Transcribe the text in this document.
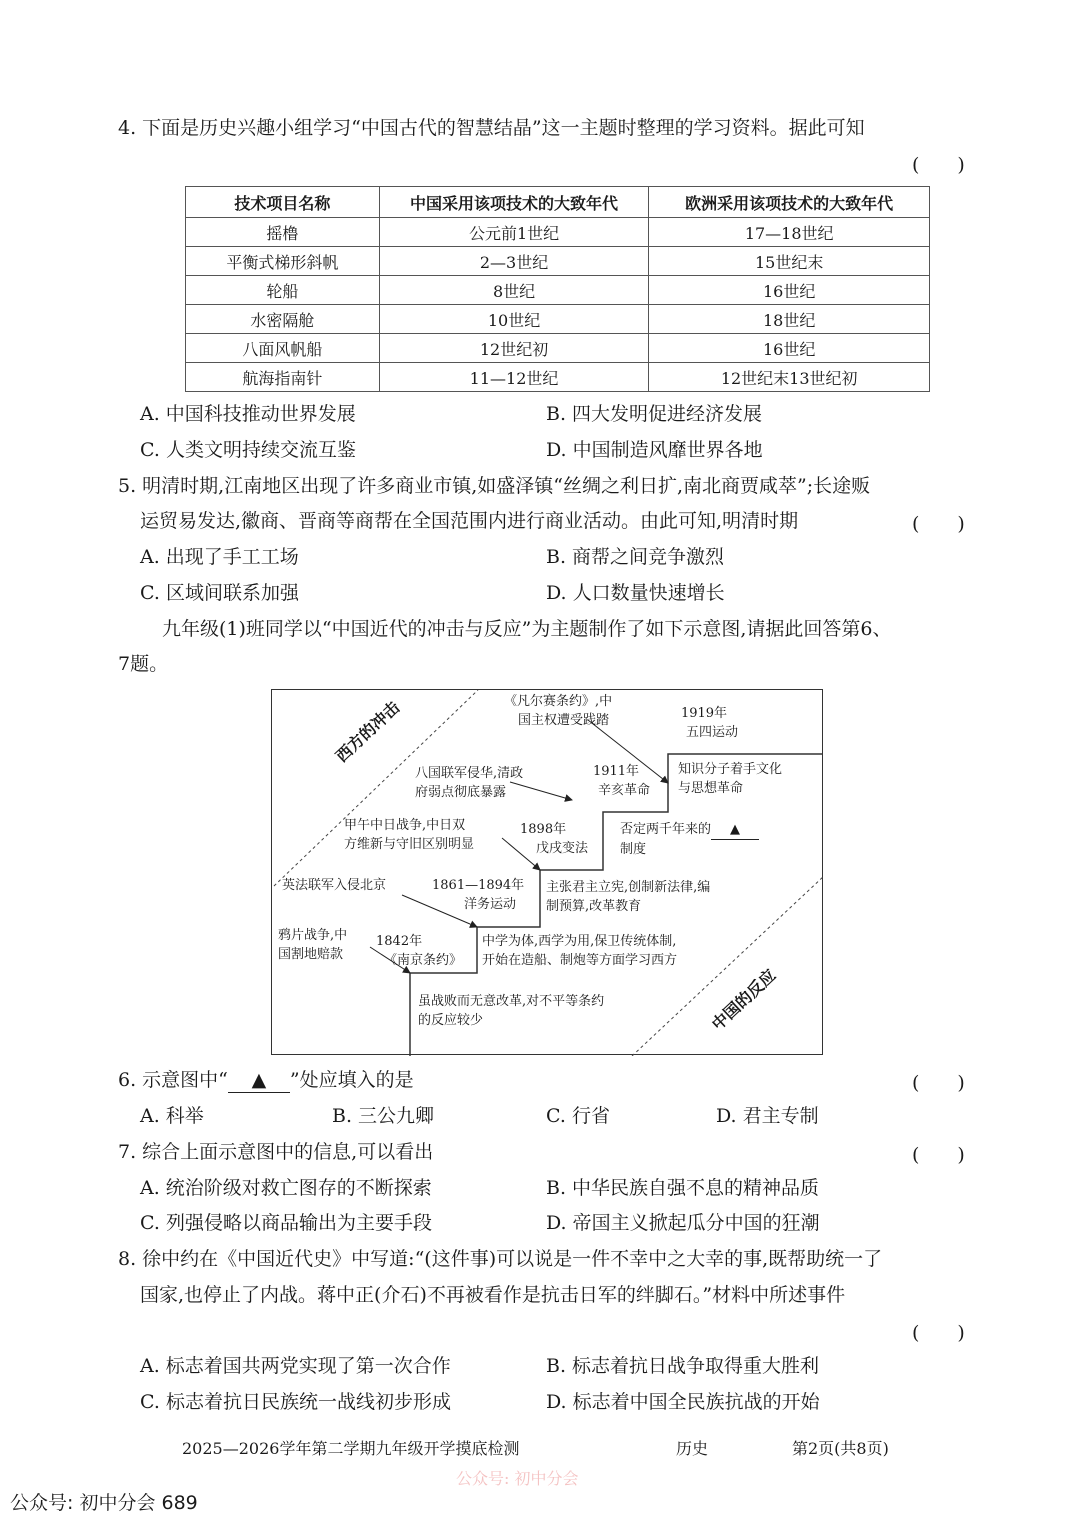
4. 下面是历史兴趣小组学习“中国古代的智慧结晶”这一主题时整理的学习资料。据此可知
(　　)
技术项目名称	中国采用该项技术的大致年代	欧洲采用该项技术的大致年代
摇橹	公元前1世纪	17—18世纪
平衡式梯形斜帆	2—3世纪	15世纪末
轮船	8世纪	16世纪
水密隔舱	10世纪	18世纪
八面风帆船	12世纪初	16世纪
航海指南针	11—12世纪	12世纪末13世纪初
A. 中国科技推动世界发展	B. 四大发明促进经济发展
C. 人类文明持续交流互鉴	D. 中国制造风靡世界各地
5. 明清时期,江南地区出现了许多商业市镇,如盛泽镇“丝绸之利日扩,南北商贾咸萃”;长途贩
运贸易发达,徽商、晋商等商帮在全国范围内进行商业活动。由此可知,明清时期	(　　)
A. 出现了手工工场	B. 商帮之间竞争激烈
C. 区域间联系加强	D. 人口数量快速增长
九年级(1)班同学以“中国近代的冲击与反应”为主题制作了如下示意图,请据此回答第6、
7题。
西方的冲击
中国的反应
《凡尔赛条约》,中
国主权遭受践踏	1919年
五四运动
知识分子着手文化
与思想革命
八国联军侵华,清政
府弱点彻底暴露
1911年
辛亥革命
否定两千年来的 ▲
制度
甲午中日战争,中日双
方维新与守旧区别明显
1898年
戊戌变法
主张君主立宪,创制新法律,编
制预算,改革教育
英法联军入侵北京	1861—1894年
洋务运动
中学为体,西学为用,保卫传统体制,
开始在造船、制炮等方面学习西方
鸦片战争,中
国割地赔款
1842年
《南京条约》
虽战败而无意改革,对不平等条约
的反应较少
6. 示意图中“ ▲ ”处应填入的是	(　　)
A. 科举	B. 三公九卿	C. 行省	D. 君主专制
7. 综合上面示意图中的信息,可以看出	(　　)
A. 统治阶级对救亡图存的不断探索	B. 中华民族自强不息的精神品质
C. 列强侵略以商品输出为主要手段	D. 帝国主义掀起瓜分中国的狂潮
8. 徐中约在《中国近代史》中写道:“(这件事)可以说是一件不幸中之大幸的事,既帮助统一了
国家,也停止了内战。蒋中正(介石)不再被看作是抗击日军的绊脚石。”材料中所述事件
(　　)
A. 标志着国共两党实现了第一次合作	B. 标志着抗日战争取得重大胜利
C. 标志着抗日民族统一战线初步形成	D. 标志着中国全民族抗战的开始
2025—2026学年第二学期九年级开学摸底检测	历史	第2页(共8页)
公众号: 初中分会
公众号: 初中分会 689
